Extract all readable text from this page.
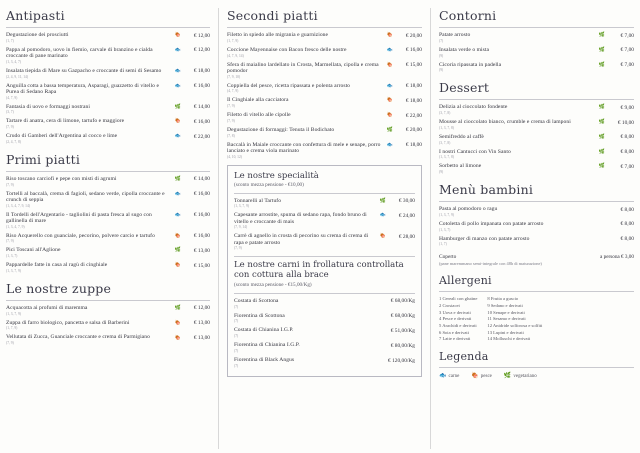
Antipasti
Degustazione dei prosciutti
(1, 7)
🍖	€ 12,00
Pappa al pomodoro, uovo in fiemio, carvale di branzino e cialda croccante di pane marinato
(1, 3, 4, 7)
🐟	€ 12,00
Insalata tiepida di Mare su Gazpacho e croccante di semi di Sesamo
(2, 4, 9, 11, 14)
🐟	€ 18,00
Anguilla cotta a bassa temperatura, Asparagi, guazzetto di vitello e Purea di Sedano Rapa
(4, 7, 9)
🐟	€ 16,00
Fantasia di uovo e formaggi nostrani
(3, 7)
🌿	€ 14,00
Tartare di anatra, cera di limone, tartufo e maggiore
(7, 9)
🍖	€ 16,00
Crudo di Gamberi dell'Argentina al cocco e lime
(2, 4, 7, 8)
🐟	€ 22,00
Primi piatti
Riso toscano carciofi e pepe con misti di agrumi
(7, 9)
🌿	€ 14,00
Tortelli al baccalà, crema di fagioli, sedano verde, cipolla croccante e crunch di seppia
(1, 3, 4, 7, 9, 14)
🐟	€ 16,00
Il Tordelli dell'Argentario - tagliolini di pasta fresca al sugo con gallinella di mare
(1, 3, 4, 7, 9)
🐟	€ 16,00
Riso Acquerello con guanciale, pecorino, polvere carcio e tartufo
(7, 9)
🍖	€ 16,00
Pici Toscani all'Aglione
(1, 3, 7)
🌿	€ 13,00
Pappardelle fatte in casa al ragù di cinghiale
(1, 3, 7, 9)
🍖	€ 15,00
Le nostre zuppe
Acquacotta ai profumi di maremma
(1, 3, 7, 9)
🌿	€ 12,00
Zuppa di farro biologico, pancetta e salsa di Barberini
(1, 7, 9)
🍖	€ 13,00
Vellutata di Zucca, Guanciale croccante e crema di Parmigiano
(7, 9)
🍖	€ 13,00
Secondi piatti
Filetto in spiedo alle migrania e guarnizione
(1, 7, 9)
🍖	€ 20,00
Coccione Mayennaise con Bacon fresco delle nostre
(4, 7, 9, 14)
🐟	€ 16,00
Sfera di maialino lardellato in Crosta, Marmellata, cipolla e crema pomodor
(7, 9, 10)
🍖	€ 15,00
Coppiella del pesce, ricetta ripassata e polenta arrosto
(4, 7, 9)
🐟	€ 18,00
Il Cinghiale alla cacciatora
(7, 9)
🍖	€ 18,00
Filetto di vitello alle cipolle
(7, 9)
🍖	€ 22,00
Degustazione di formaggi: Tenuta il Bodichato
(7, 8)
🌿	€ 20,00
Baccalà in Maiale croccante con confettura di mele e senape, porro lanciato e crema viola marinato
(4, 10, 12)
🐟	€ 18,00
Le nostre specialità
(sconto mezza pensione - €10,00)
Tonnarelli al Tartufo
(1, 3, 7, 9)
🌿	€ 30,00
Capesante arrostite, spuma di sedano rapa, fondo bruno di vitello e croccante di mais
(7, 9, 14)
🐟	€ 24,00
Carrè di agnello in crosta di pecorino su crema di crema di rapa e patate arrosto
(7, 9)
🍖	€ 28,00
Le nostre carni in frollatura controllata con cottura alla brace
(sconto mezza pensione - €15,00/Kg)
Costata di Scottona
(7)
€ 68,00/Kg
Fiorentina di Scottona
(7)
€ 68,00/Kg
Costata di Chianina I.G.P.
(7)
€ 51,00/Kg
Fiorentina di Chianina I.G.P.
(7)
€ 80,00/Kg
Fiorentina di Black Angus
(7)
€ 120,00/Kg
Contorni
Patate arrosto
(7)
🌿	€ 7,00
Insalata verde o mista
(9)
🌿	€ 7,00
Cicoria ripassata in padella
(9)
🌿	€ 7,00
Dessert
Delizia al cioccolato fondente
(3, 7, 8)
🌿	€ 9,00
Mousse al cioccolato bianco, crumble e crema di lamponi
(1, 3, 7, 8)
🌿	€ 10,00
Semifreddo al caffè
(3, 7, 8)
🌿	€ 8,00
I nostri Cantucci con Vin Santo
(1, 3, 7, 8)
🌿	€ 8,00
Sorbetto al limone
(9)
🌿	€ 7,00
Menù bambini
Pasta al pomodoro o ragu
(1, 3, 7, 9)
€ 8,00
Cotoletta di pollo impanata con patate arrosto
(1, 3, 7)
€ 8,00
Hamburger di manzo con patate arrosto
(1, 7)
€ 8,00
Coperto	a persona € 3,00
(pane maremmano semi-integrale con 48h di maturazione)
Allergeni
1 Cereali con glutine
2 Crostacei
3 Uova e derivati
4 Pesce e derivati
5 Arachidi e derivati
6 Soia e derivati
7 Latte e derivati
8 Frutta a guscio
9 Sedano e derivati
10 Senape e derivati
11 Sesamo e derivati
12 Anidride solforosa e solfiti
13 Lupini e derivati
14 Molluschi e derivati
Legenda
🐟 carne 🍖 pesce 🌿 vegetariano
